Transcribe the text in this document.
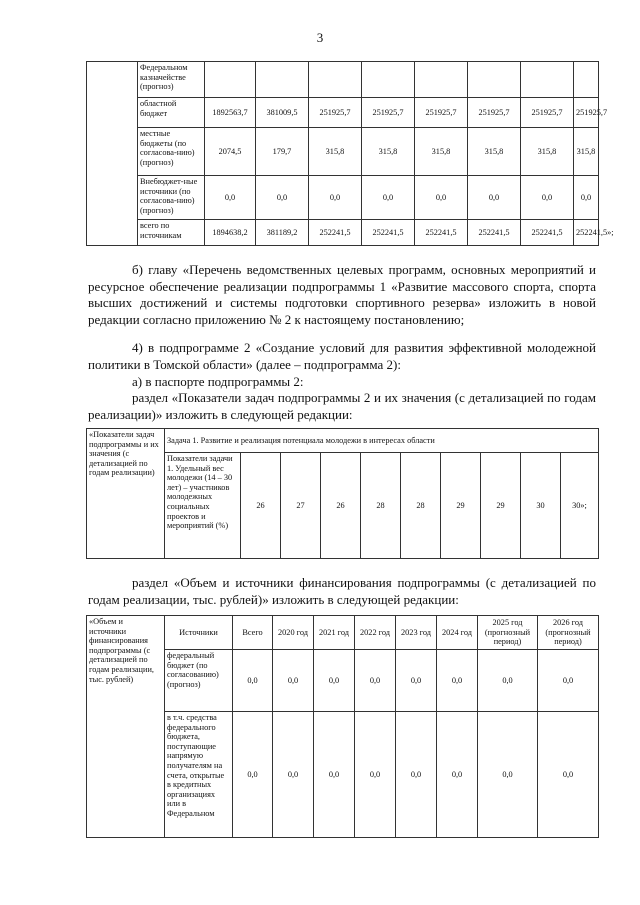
3
	Федеральном казначействе (прогноз)								
	областной бюджет	1892563,7	381009,5	251925,7	251925,7	251925,7	251925,7	251925,7	251925,7
	местные бюджеты (по согласова-нию) (прогноз)	2074,5	179,7	315,8	315,8	315,8	315,8	315,8	315,8
	Внебюджет-ные источники (по согласова-нию) (прогноз)	0,0	0,0	0,0	0,0	0,0	0,0	0,0	0,0
	всего по источникам	1894638,2	381189,2	252241,5	252241,5	252241,5	252241,5	252241,5	252241,5»;
б) главу «Перечень ведомственных целевых программ, основных мероприятий и ресурсное обеспечение реализации подпрограммы 1 «Развитие массового спорта, спорта высших достижений и системы подготовки спортивного резерва» изложить в новой редакции согласно приложению № 2 к настоящему постановлению;
4) в подпрограмме 2 «Создание условий для развития эффективной молодежной политики в Томской области» (далее – подпрограмма 2):
а) в паспорте подпрограммы 2:
раздел «Показатели задач подпрограммы 2 и их значения (с детализацией по годам реализации)» изложить в следующей редакции:
«Показатели задач подпрограммы и их значения (с детализацией по годам реализации)	Задача 1. Развитие и реализация потенциала молодежи в интересах области									
	Показатели задачи 1. Удельный вес молодежи (14 – 30 лет) – участников молодежных социальных проектов и мероприятий (%)	26	27	26	28	28	29	29	30	30»;
раздел «Объем и источники финансирования подпрограммы (с детализацией по годам реализации, тыс. рублей)» изложить в следующей редакции:
«Объем и источники финансирования подпрограммы (с детализацией по годам реализации, тыс. рублей)	Источники	Всего	2020 год	2021 год	2022 год	2023 год	2024 год	2025 год (прогнозный период)	2026 год (прогнозный период)
	федеральный бюджет (по согласованию) (прогноз)	0,0	0,0	0,0	0,0	0,0	0,0	0,0	0,0
	в т.ч. средства федерального бюджета, поступающие напрямую получателям на счета, открытые в кредитных организациях или в Федеральном	0,0	0,0	0,0	0,0	0,0	0,0	0,0	0,0
